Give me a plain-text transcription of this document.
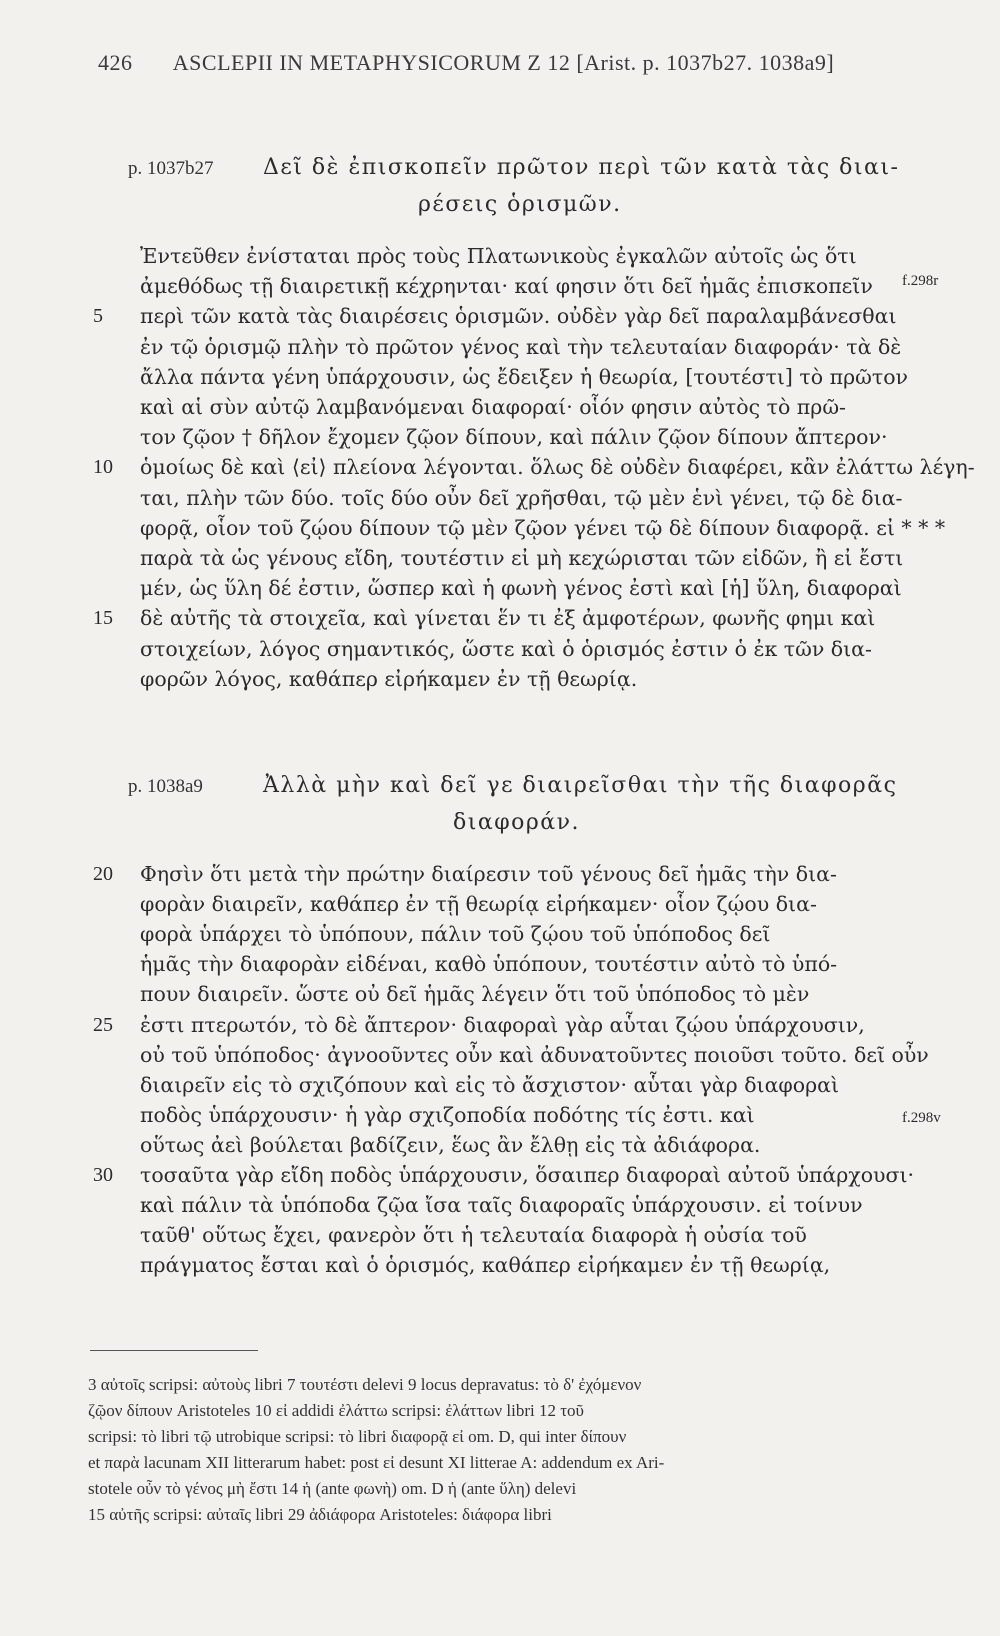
426 ASCLEPII IN METAPHYSICORUM Z 12 [Arist. p. 1037b27. 1038a9]
p. 1037b27 Δεῖ δὲ ἐπισκοπεῖν πρῶτον περὶ τῶν κατὰ τὰς διαι-
ρέσεις ὁρισμῶν.
Ἐντεῦθεν ἐνίσταται πρὸς τοὺς Πλατωνικοὺς ἐγκαλῶν αὐτοῖς ὡς ὅτι
ἀμεθόδως τῇ διαιρετικῇ κέχρηνται· καί φησιν ὅτι δεῖ ἡμᾶς ἐπισκοπεῖν
5	περὶ τῶν κατὰ τὰς διαιρέσεις ὁρισμῶν. οὐδὲν γὰρ δεῖ παραλαμβάνεσθαι
ἐν τῷ ὁρισμῷ πλὴν τὸ πρῶτον γένος καὶ τὴν τελευταίαν διαφοράν· τὰ δὲ
ἄλλα πάντα γένη ὑπάρχουσιν, ὡς ἔδειξεν ἡ θεωρία, [τουτέστι] τὸ πρῶτον
καὶ αἱ σὺν αὐτῷ λαμβανόμεναι διαφοραί· οἷόν φησιν αὐτὸς τὸ πρῶ-
τον ζῷον † δῆλον ἔχομεν ζῷον δίπουν, καὶ πάλιν ζῷον δίπουν ἄπτερον·
10	ὁμοίως δὲ καὶ ⟨εἰ⟩ πλείονα λέγονται. ὅλως δὲ οὐδὲν διαφέρει, κἂν ἐλάττω λέγη-
ται, πλὴν τῶν δύο. τοῖς δύο οὖν δεῖ χρῆσθαι, τῷ μὲν ἑνὶ γένει, τῷ δὲ δια-
φορᾷ, οἷον τοῦ ζῴου δίπουν τῷ μὲν ζῷον γένει τῷ δὲ δίπουν διαφορᾷ. εἰ * * *
παρὰ τὰ ὡς γένους εἴδη, τουτέστιν εἰ μὴ κεχώρισται τῶν εἰδῶν, ἢ εἰ ἔστι
μέν, ὡς ὕλη δέ ἐστιν, ὥσπερ καὶ ἡ φωνὴ γένος ἐστὶ καὶ [ἡ] ὕλη, διαφοραὶ
15	δὲ αὐτῆς τὰ στοιχεῖα, καὶ γίνεται ἕν τι ἐξ ἀμφοτέρων, φωνῆς φημι καὶ
στοιχείων, λόγος σημαντικός, ὥστε καὶ ὁ ὁρισμός ἐστιν ὁ ἐκ τῶν δια-
φορῶν λόγος, καθάπερ εἰρήκαμεν ἐν τῇ θεωρίᾳ.
p. 1038a9	Ἀλλὰ μὴν καὶ δεῖ γε διαιρεῖσθαι τὴν τῆς διαφορᾶς
διαφοράν.
20	Φησὶν ὅτι μετὰ τὴν πρώτην διαίρεσιν τοῦ γένους δεῖ ἡμᾶς τὴν δια-
φορὰν διαιρεῖν, καθάπερ ἐν τῇ θεωρίᾳ εἰρήκαμεν· οἷον ζῴου δια-
φορὰ ὑπάρχει τὸ ὑπόπουν, πάλιν τοῦ ζῴου τοῦ ὑπόποδος δεῖ
ἡμᾶς τὴν διαφορὰν εἰδέναι, καθὸ ὑπόπουν, τουτέστιν αὐτὸ τὸ ὑπό-
πουν διαιρεῖν. ὥστε οὐ δεῖ ἡμᾶς λέγειν ὅτι τοῦ ὑπόποδος τὸ μὲν
25	ἐστι πτερωτόν, τὸ δὲ ἄπτερον· διαφοραὶ γὰρ αὗται ζῴου ὑπάρχουσιν,
οὐ τοῦ ὑπόποδος· ἀγνοοῦντες οὖν καὶ ἀδυνατοῦντες ποιοῦσι τοῦτο. δεῖ οὖν
διαιρεῖν εἰς τὸ σχιζόπουν καὶ εἰς τὸ ἄσχιστον· αὗται γὰρ διαφοραὶ
ποδὸς ὑπάρχουσιν· ἡ γὰρ σχιζοποδία ποδότης τίς ἐστι. καὶ
οὕτως ἀεὶ βούλεται βαδίζειν, ἕως ἂν ἔλθῃ εἰς τὰ ἀδιάφορα.
30	τοσαῦτα γὰρ εἴδη ποδὸς ὑπάρχουσιν, ὅσαιπερ διαφοραὶ αὐτοῦ ὑπάρχουσι·
καὶ πάλιν τὰ ὑπόποδα ζῷα ἴσα ταῖς διαφοραῖς ὑπάρχουσιν. εἰ τοίνυν
ταῦθ' οὕτως ἔχει, φανερὸν ὅτι ἡ τελευταία διαφορὰ ἡ οὐσία τοῦ
πράγματος ἔσται καὶ ὁ ὁρισμός, καθάπερ εἰρήκαμεν ἐν τῇ θεωρίᾳ,
f.298r
f.298v
3 αὐτοῖς scripsi: αὐτοὺς libri 7 τουτέστι delevi 9 locus depravatus: τὸ δ' ἐχόμενον
ζῷον δίπουν Aristoteles 10 εἰ addidi ἐλάττω scripsi: ἐλάττων libri 12 τοῦ
scripsi: τὸ libri τῷ utrobique scripsi: τὸ libri διαφορᾷ εἰ om. D, qui inter δίπουν
et παρὰ lacunam XII litterarum habet: post εἰ desunt XI litterae A: addendum ex Ari-
stotele οὖν τὸ γένος μὴ ἔστι 14 ἡ (ante φωνὴ) om. D ἡ (ante ὕλη) delevi
15 αὐτῆς scripsi: αὐταῖς libri 29 ἀδιάφορα Aristoteles: διάφορα libri
